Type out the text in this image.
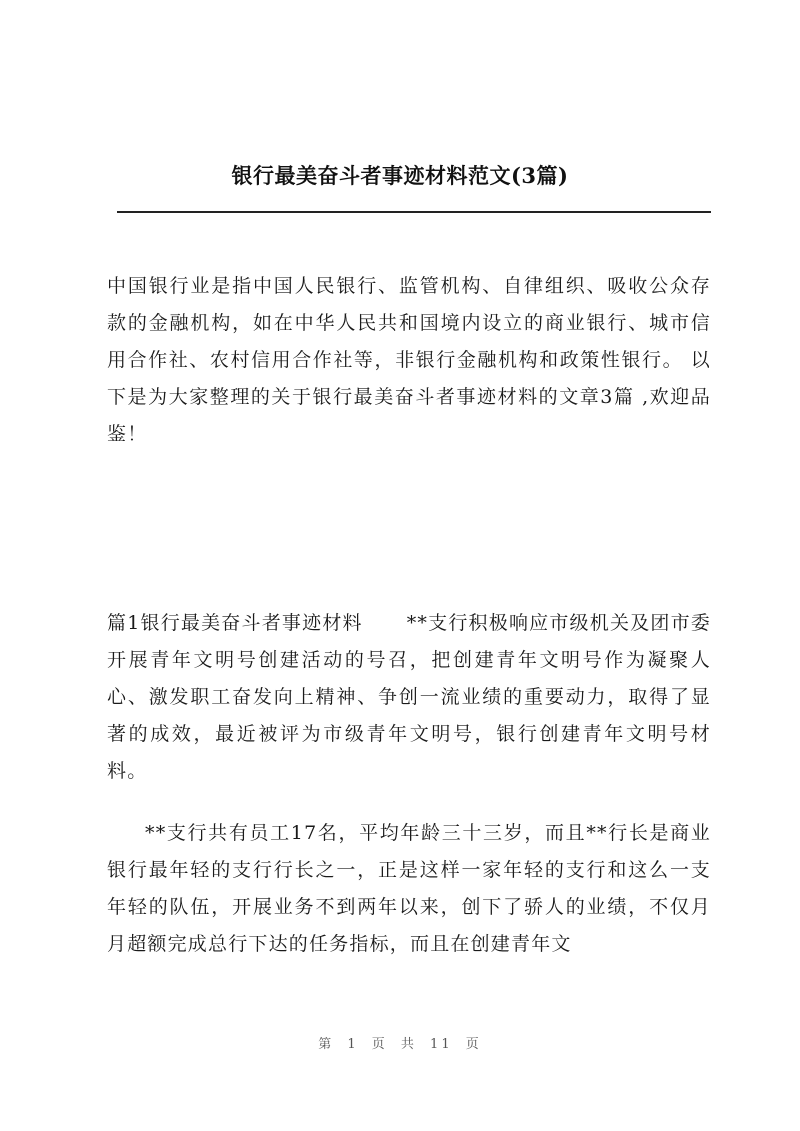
银行最美奋斗者事迹材料范文(3篇)

中国银行业是指中国人民银行、监管机构、自律组织、吸收公众存款的金融机构，如在中华人民共和国境内设立的商业银行、城市信用合作社、农村信用合作社等，非银行金融机构和政策性银行。 以下是为大家整理的关于银行最美奋斗者事迹材料的文章3篇 ,欢迎品鉴！

篇1银行最美奋斗者事迹材料 **支行积极响应市级机关及团市委开展青年文明号创建活动的号召，把创建青年文明号作为凝聚人心、激发职工奋发向上精神、争创一流业绩的重要动力，取得了显著的成效，最近被评为市级青年文明号，银行创建青年文明号材料。

**支行共有员工17名，平均年龄三十三岁，而且**行长是商业银行最年轻的支行行长之一，正是这样一家年轻的支行和这么一支年轻的队伍，开展业务不到两年以来，创下了骄人的业绩，不仅月月超额完成总行下达的任务指标，而且在创建青年文

第 1 页 共 11 页
